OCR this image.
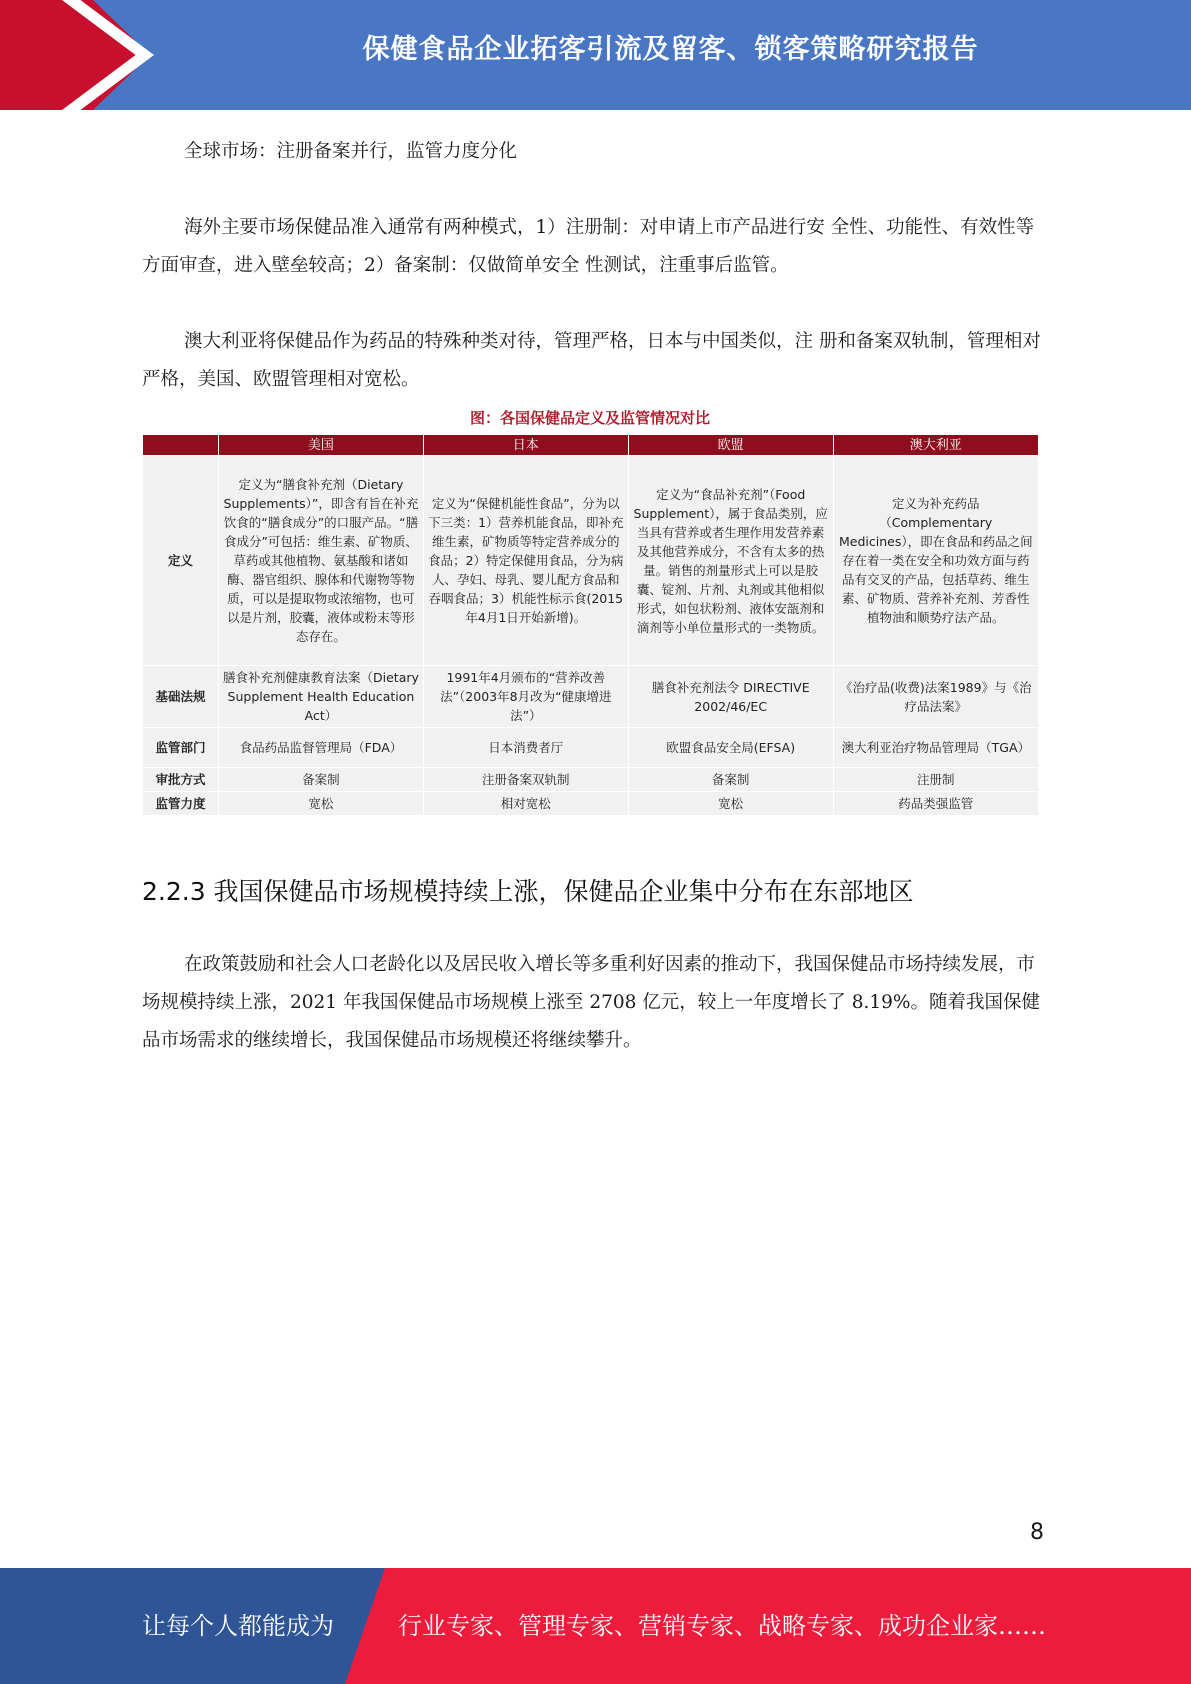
保健食品企业拓客引流及留客、锁客策略研究报告

全球市场：注册备案并行，监管力度分化

海外主要市场保健品准入通常有两种模式，1）注册制：对申请上市产品进行安 全性、功能性、有效性等方面审查，进入壁垒较高；2）备案制：仅做简单安全 性测试，注重事后监管。

澳大利亚将保健品作为药品的特殊种类对待，管理严格，日本与中国类似，注 册和备案双轨制，管理相对严格，美国、欧盟管理相对宽松。

图：各国保健品定义及监管情况对比
	美国	日本	欧盟	澳大利亚
定义	定义为“膳食补充剂（Dietary Supplements）”，即含有旨在补充饮食的“膳食成分”的口服产品。“膳食成分”可包括：维生素、矿物质、草药或其他植物、氨基酸和诸如酶、器官组织、腺体和代谢物等物质，可以是提取物或浓缩物，也可以是片剂，胶囊，液体或粉末等形态存在。	定义为“保健机能性食品”，分为以下三类：1）营养机能食品，即补充维生素，矿物质等特定营养成分的食品；2）特定保健用食品，分为病人、孕妇、母乳、婴儿配方食品和吞咽食品；3）机能性标示食(2015年4月1日开始新增)。	定义为“食品补充剂”（Food Supplement），属于食品类别，应当具有营养或者生理作用发营养素及其他营养成分，不含有太多的热量。销售的剂量形式上可以是胶囊、锭剂、片剂、丸剂或其他相似形式，如包状粉剂、液体安瓿剂和滴剂等小单位量形式的一类物质。	定义为补充药品（Complementary Medicines），即在食品和药品之间存在着一类在安全和功效方面与药品有交叉的产品，包括草药、维生素、矿物质、营养补充剂、芳香性植物油和顺势疗法产品。
基础法规	膳食补充剂健康教育法案（Dietary Supplement Health Education Act）	1991年4月颁布的“营养改善法”（2003年8月改为“健康增进法”）	膳食补充剂法令 DIRECTIVE 2002/46/EC	《治疗品(收费)法案1989》与《治疗品法案》
监管部门	食品药品监督管理局（FDA）	日本消费者厅	欧盟食品安全局(EFSA)	澳大利亚治疗物品管理局（TGA）
审批方式	备案制	注册备案双轨制	备案制	注册制
监管力度	宽松	相对宽松	宽松	药品类强监管
2.2.3 我国保健品市场规模持续上涨，保健品企业集中分布在东部地区

在政策鼓励和社会人口老龄化以及居民收入增长等多重利好因素的推动下，我国保健品市场持续发展，市场规模持续上涨，2021 年我国保健品市场规模上涨至 2708 亿元，较上一年度增长了 8.19%。随着我国保健品市场需求的继续增长，我国保健品市场规模还将继续攀升。

8
让每个人都能成为	行业专家、管理专家、营销专家、战略专家、成功企业家……
